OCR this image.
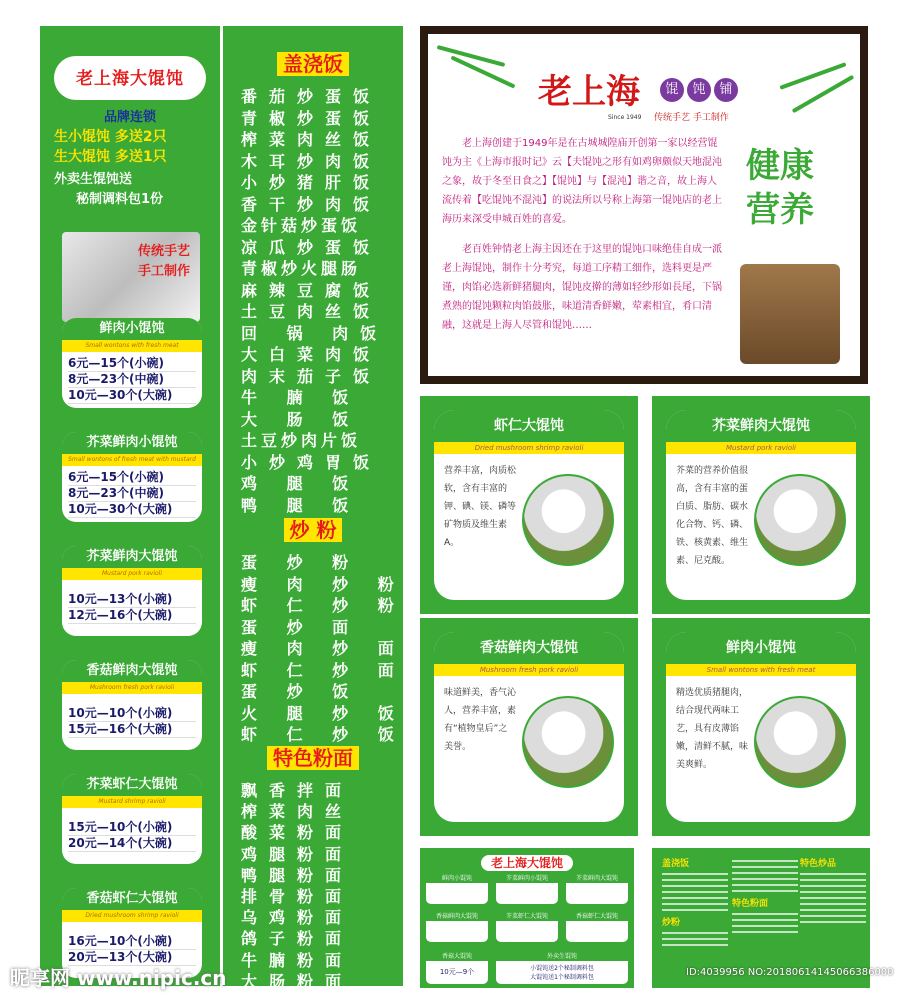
老上海大馄饨
品牌连锁
生小馄饨 多送2只
生大馄饨 多送1只
外卖生馄饨送
秘制调料包1份
传统手艺
手工制作
鲜肉小馄饨
Small wontons with fresh meat
6元—15个(小碗)
8元—23个(中碗)
10元—30个(大碗)
芥菜鲜肉小馄饨
Small wontons of fresh meat with mustard
6元—15个(小碗)
8元—23个(中碗)
10元—30个(大碗)
芥菜鲜肉大馄饨
Mustard pork ravioli
10元—13个(小碗)
12元—16个(大碗)
香菇鲜肉大馄饨
Mushroom fresh pork ravioli
10元—10个(小碗)
15元—16个(大碗)
芥菜虾仁大馄饨
Mustard shrimp ravioli
15元—10个(小碗)
20元—14个(大碗)
香菇虾仁大馄饨
Dried mushroom shrimp ravioli
16元—10个(小碗)
20元—13个(大碗)
盖浇饭
番茄炒蛋饭
青椒炒蛋饭
榨菜肉丝饭
木耳炒肉饭
小炒猪肝饭
香干炒肉饭
金针菇炒蛋饭
凉瓜炒蛋饭
青椒炒火腿肠
麻辣豆腐饭
土豆肉丝饭
回 锅 肉饭
大白菜肉饭
肉末茄子饭
牛 腩 饭
大 肠 饭
土豆炒肉片饭
小炒鸡胃饭
鸡 腿 饭
鸭 腿 饭
炒 粉
蛋 炒 粉
瘦 肉 炒 粉
虾 仁 炒 粉
蛋 炒 面
瘦 肉 炒 面
虾 仁 炒 面
蛋 炒 饭
火 腿 炒 饭
虾 仁 炒 饭
特色粉面
飘香拌面
榨菜肉丝
酸菜粉面
鸡腿粉面
鸭腿粉面
排骨粉面
乌鸡粉面
鸽子粉面
牛腩粉面
大肠粉面
老上海	馄	饨	铺
Since 1949 传统手艺 手工制作
健康营养
老上海创建于1949年是在古城城隍庙开创第一家以经营馄饨为主《上海市报时记》云【夫馄饨之形有如鸡卵颇似天地混沌之象，故于冬至日食之】【馄饨】与【混沌】谐之音，故上海人流传着【吃馄饨不混沌】的说法所以号称上海第一馄饨店的老上海历来深受申城百姓的喜爱。
老百姓钟情老上海主因还在于这里的馄饨口味绝佳自成一派老上海馄饨，制作十分考究，每道工序精工细作，选料更是严谨，肉馅必选新鲜猪腿肉，馄饨皮擀的薄如轻纱形如長尾，下锅煮熟的馄饨颗粒肉馅鼓胀，味道清香鲜嫩，荤素相宜，肴口清融，这就是上海人尽管和馄饨……
虾仁大馄饨
Dried mushroom shrimp ravioli
营养丰富，肉质松软，含有丰富的钾、碘、镁、磷等矿物质及维生素A。
芥菜鲜肉大馄饨
Mustard pork ravioli
芥菜的营养价值很高，含有丰富的蛋白质、脂肪、碳水化合物、钙、磷、铁、核黄素、维生素、尼克酸。
香菇鲜肉大馄饨
Mushroom fresh pork ravioli
味道鲜美，香气沁人，营养丰富，素有“植物皇后”之美誉。
鲜肉小馄饨
Small wontons with fresh meat
精选优质猪腿肉，结合现代两味工艺，具有皮薄馅嫩，清鲜不腻，味美爽鲜。
老上海大馄饨
鲜肉小馄饨	芥菜鲜肉小馄饨	芥菜鲜肉大馄饨
香菇鲜肉大馄饨	芥菜虾仁大馄饨	香菇虾仁大馄饨
香菇大馄饨
10元—9个
外卖生馄饨
小馄饨送2个秘制调料包
大馄饨送1个秘制调料包
盖浇饭
炒粉
特色粉面
特色炒品
昵享网 www.nipic.cn	ID:4039956 NO:20180614145066386000
